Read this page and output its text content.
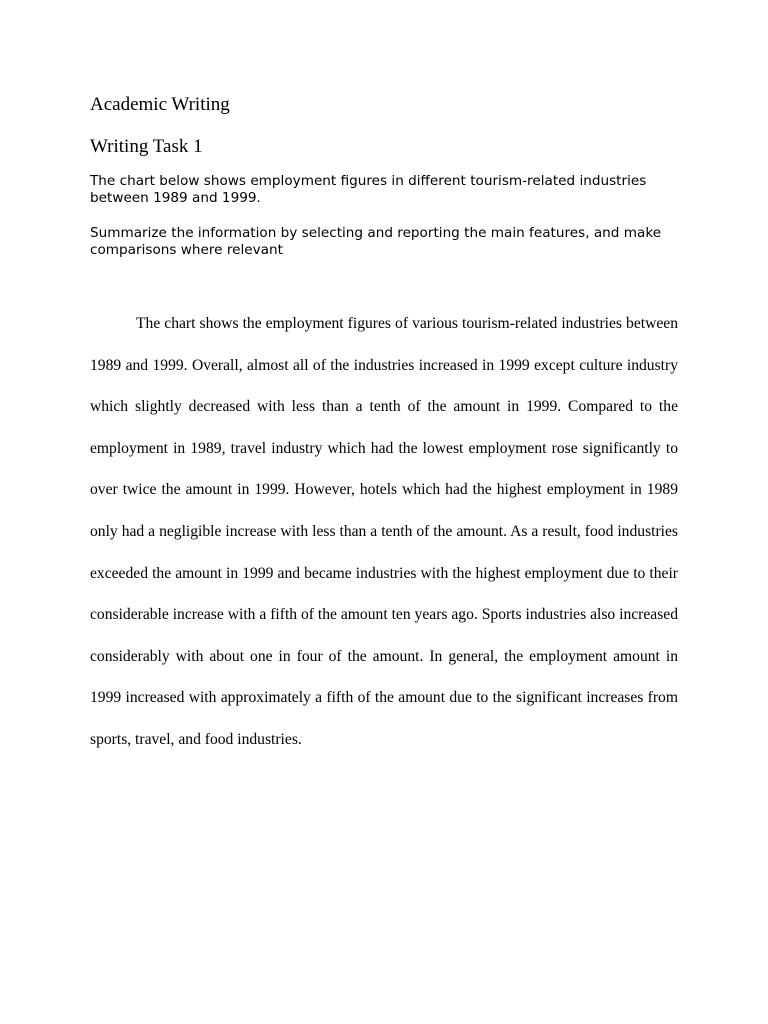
Academic Writing
Writing Task 1
The chart below shows employment figures in different tourism-related industries between 1989 and 1999.
Summarize the information by selecting and reporting the main features, and make comparisons where relevant

The chart shows the employment figures of various tourism-related industries between 1989 and 1999. Overall, almost all of the industries increased in 1999 except culture industry which slightly decreased with less than a tenth of the amount in 1999. Compared to the employment in 1989, travel industry which had the lowest employment rose significantly to over twice the amount in 1999. However, hotels which had the highest employment in 1989 only had a negligible increase with less than a tenth of the amount. As a result, food industries exceeded the amount in 1999 and became industries with the highest employment due to their considerable increase with a fifth of the amount ten years ago. Sports industries also increased considerably with about one in four of the amount. In general, the employment amount in 1999 increased with approximately a fifth of the amount due to the significant increases from sports, travel, and food industries.
